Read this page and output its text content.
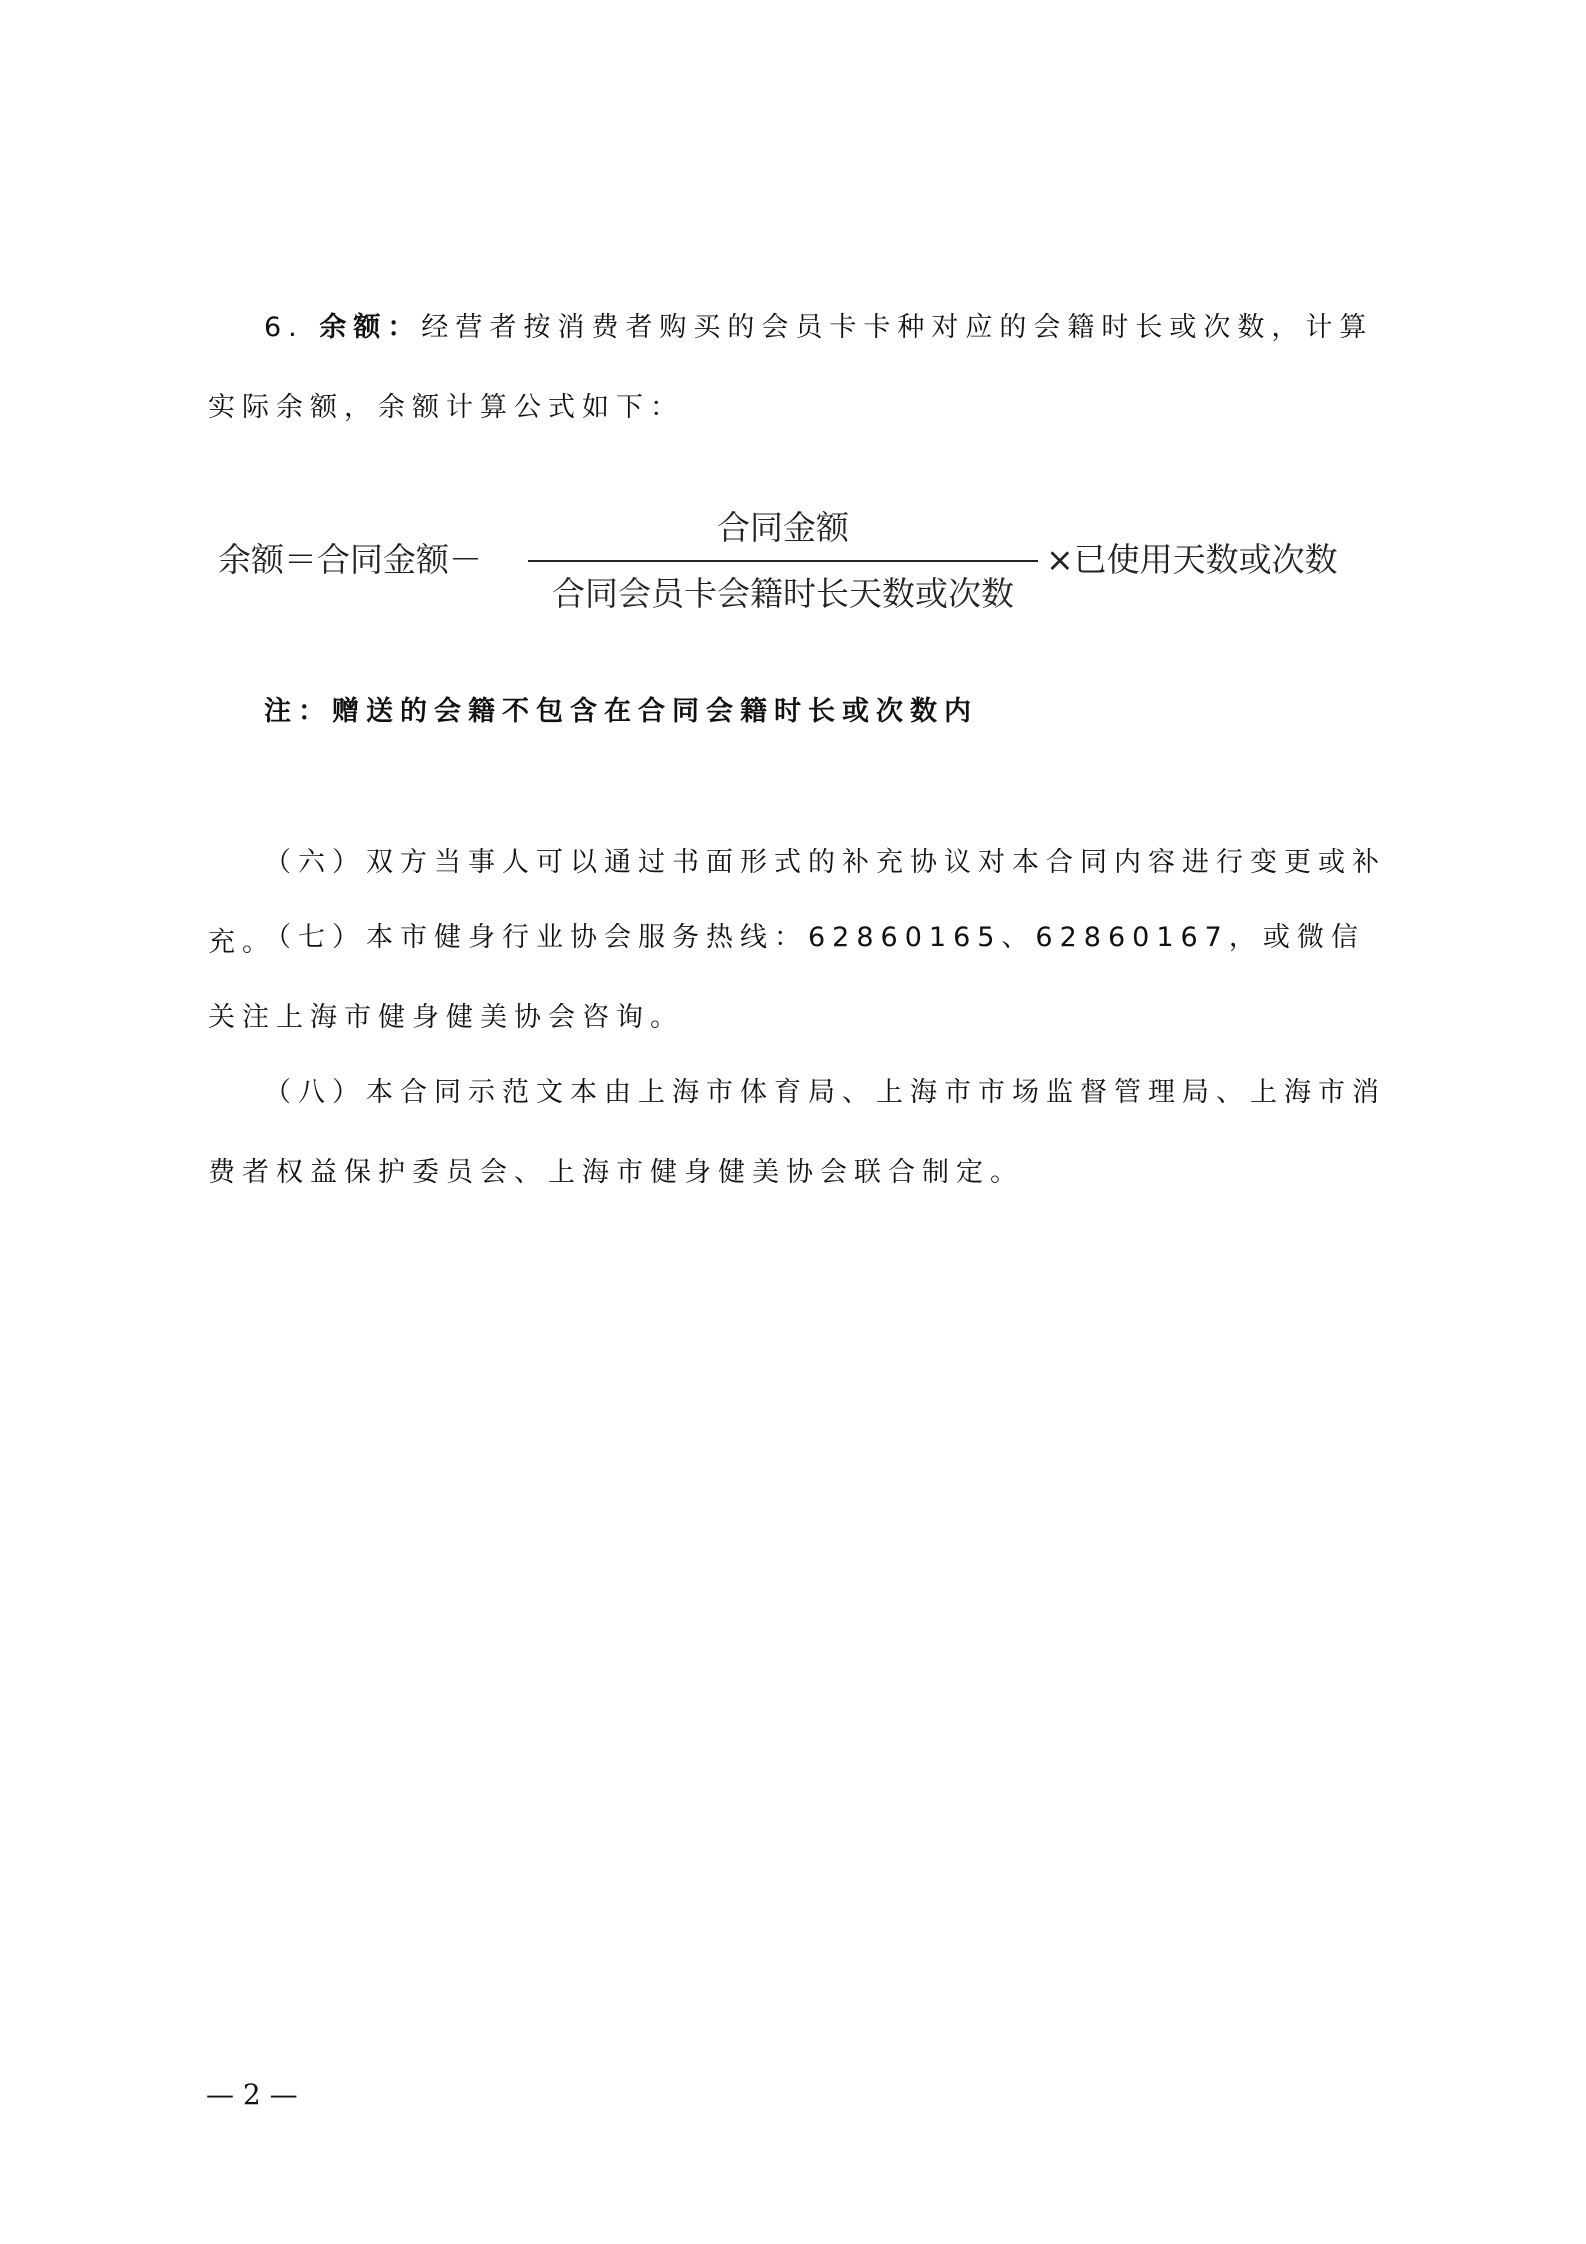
6. 余额：经营者按消费者购买的会员卡卡种对应的会籍时长或次数，计算实际余额，余额计算公式如下：

余额＝合同金额－
合同金额
合同会员卡会籍时长天数或次数
×已使用天数或次数

注：赠送的会籍不包含在合同会籍时长或次数内

（六）双方当事人可以通过书面形式的补充协议对本合同内容进行变更或补充。

（七）本市健身行业协会服务热线：62860165、62860167，或微信关注上海市健身健美协会咨询。

（八）本合同示范文本由上海市体育局、上海市市场监督管理局、上海市消费者权益保护委员会、上海市健身健美协会联合制定。

— 2 —
